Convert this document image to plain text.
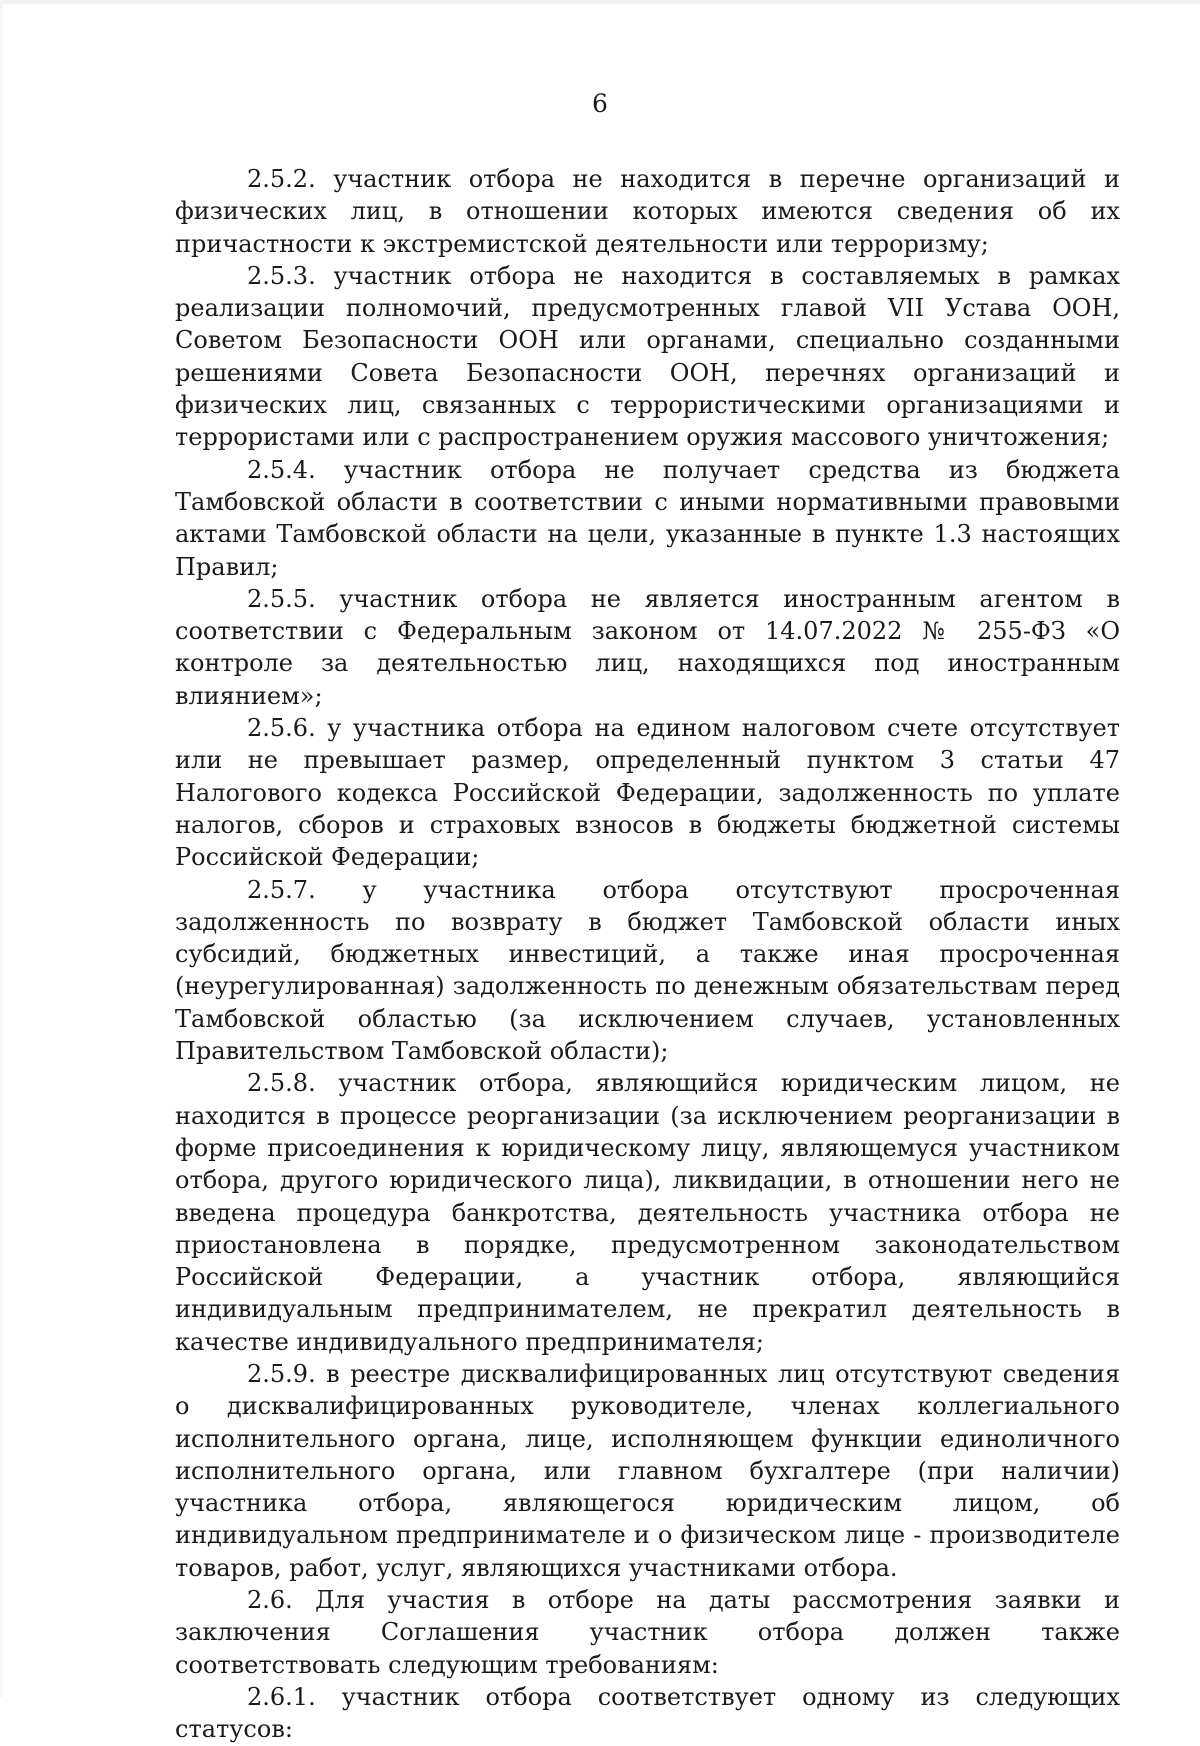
6

2.5.2. участник отбора не находится в перечне организаций и физических лиц, в отношении которых имеются сведения об их причастности к экстремистской деятельности или терроризму;

2.5.3. участник отбора не находится в составляемых в рамках реализации полномочий, предусмотренных главой VII Устава ООН, Советом Безопасности ООН или органами, специально созданными решениями Совета Безопасности ООН, перечнях организаций и физических лиц, связанных с террористическими организациями и террористами или с распространением оружия массового уничтожения;

2.5.4. участник отбора не получает средства из бюджета Тамбовской области в соответствии с иными нормативными правовыми актами Тамбовской области на цели, указанные в пункте 1.3 настоящих Правил;

2.5.5. участник отбора не является иностранным агентом в соответствии с Федеральным законом от 14.07.2022 № 255-ФЗ «О контроле за деятельностью лиц, находящихся под иностранным влиянием»;

2.5.6. у участника отбора на едином налоговом счете отсутствует или не превышает размер, определенный пунктом 3 статьи 47 Налогового кодекса Российской Федерации, задолженность по уплате налогов, сборов и страховых взносов в бюджеты бюджетной системы Российской Федерации;

2.5.7. у участника отбора отсутствуют просроченная задолженность по возврату в бюджет Тамбовской области иных субсидий, бюджетных инвестиций, а также иная просроченная (неурегулированная) задолженность по денежным обязательствам перед Тамбовской областью (за исключением случаев, установленных Правительством Тамбовской области);

2.5.8. участник отбора, являющийся юридическим лицом, не находится в процессе реорганизации (за исключением реорганизации в форме присоединения к юридическому лицу, являющемуся участником отбора, другого юридического лица), ликвидации, в отношении него не введена процедура банкротства, деятельность участника отбора не приостановлена в порядке, предусмотренном законодательством Российской Федерации, а участник отбора, являющийся индивидуальным предпринимателем, не прекратил деятельность в качестве индивидуального предпринимателя;

2.5.9. в реестре дисквалифицированных лиц отсутствуют сведения о дисквалифицированных руководителе, членах коллегиального исполнительного органа, лице, исполняющем функции единоличного исполнительного органа, или главном бухгалтере (при наличии) участника отбора, являющегося юридическим лицом, об индивидуальном предпринимателе и о физическом лице - производителе товаров, работ, услуг, являющихся участниками отбора.

2.6. Для участия в отборе на даты рассмотрения заявки и заключения Соглашения участник отбора должен также соответствовать следующим требованиям:

2.6.1. участник отбора соответствует одному из следующих статусов:
